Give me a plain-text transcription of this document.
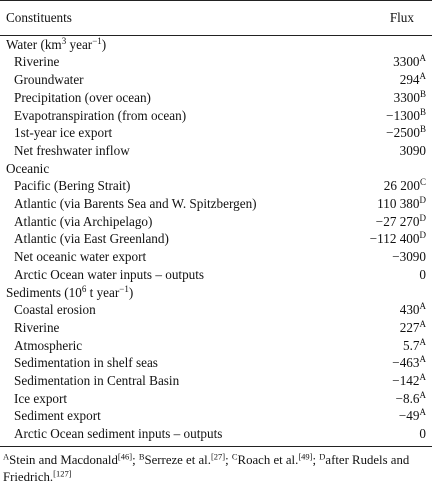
Constituents	Flux
Water ($km^3$ year$^{-1}$)	
Riverine	$3300^A$
Groundwater	$294^A$
Precipitation (over ocean)	$3300^B$
Evapotranspiration (from ocean)	$-1300^B$
1st-year ice export	$-2500^B$
Net freshwater inflow	3090
Oceanic	
Pacific (Bering Strait)	26 $200^C$
Atlantic (via Barents Sea and W. Spitzbergen)	110 $380^D$
Atlantic (via Archipelago)	−27 $270^D$
Atlantic (via East Greenland)	−112 $400^D$
Net oceanic water export	−3090
Arctic Ocean water inputs – outputs	0
Sediments ($10^6$ t year$^{-1}$)	
Coastal erosion	$430^A$
Riverine	$227^A$
Atmospheric	$5.7^A$
Sedimentation in shelf seas	$-463^A$
Sedimentation in Central Basin	$-142^A$
Ice export	$-8.6^A$
Sediment export	$-49^A$
Arctic Ocean sediment inputs – outputs	0
$^A$Stein and Macdonald[46]; $^B$Serreze et al.[27]; $^C$Roach et al.[49]; $^D$after Rudels and Friedrich.[127]
